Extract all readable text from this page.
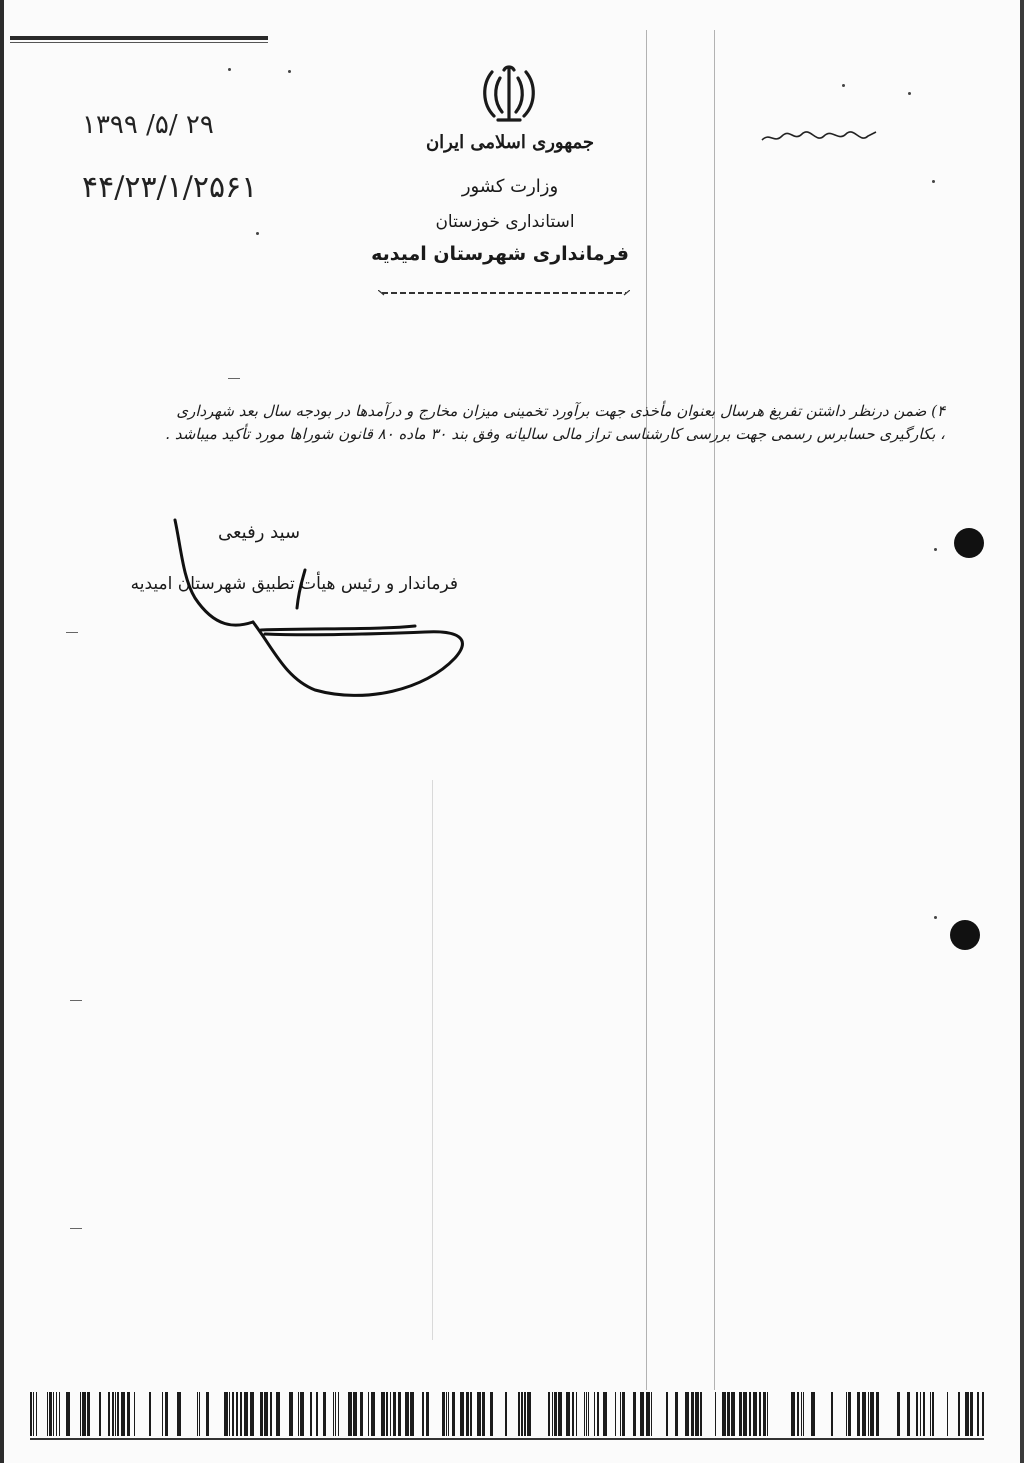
جمهوری اسلامی ایران
وزارت کشور
استانداری خوزستان
فرمانداری شهرستان امیدیه
۱۳۹۹ /۵/ ۲۹
۴۴/۲۳/۱/۲۵۶۱
۴) ضمن درنظر داشتن تفریغ هرسال بعنوان مأخذی جهت برآورد تخمینی میزان مخارج و درآمدها در بودجه سال بعد شهرداری
، بکارگیری حسابرس رسمی جهت بررسی کارشناسی تراز مالی سالیانه وفق بند ۳۰ ماده ۸۰ قانون شوراها مورد تأکید میباشد .
سید رفیعی
فرماندار و رئیس هیأت تطبیق شهرستان امیدیه
